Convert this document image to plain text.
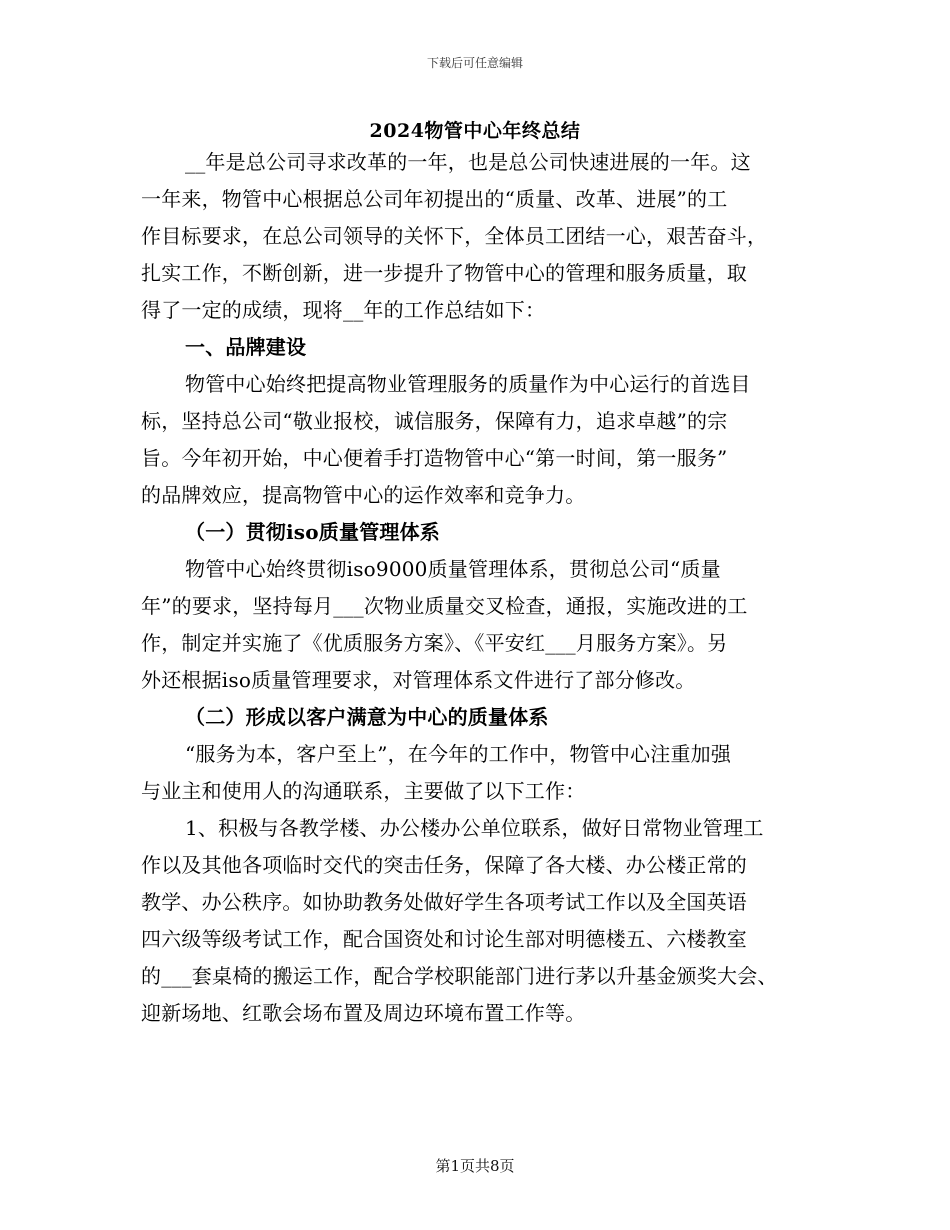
下载后可任意编辑
2024物管中心年终总结
__年是总公司寻求改革的一年，也是总公司快速进展的一年。这
一年来，物管中心根据总公司年初提出的“质量、改革、进展”的工
作目标要求，在总公司领导的关怀下，全体员工团结一心，艰苦奋斗，
扎实工作，不断创新，进一步提升了物管中心的管理和服务质量，取
得了一定的成绩，现将__年的工作总结如下：
一、品牌建设
物管中心始终把提高物业管理服务的质量作为中心运行的首选目
标，坚持总公司“敬业报校，诚信服务，保障有力，追求卓越”的宗
旨。今年初开始，中心便着手打造物管中心“第一时间，第一服务”
的品牌效应，提高物管中心的运作效率和竞争力。
（一）贯彻iso质量管理体系
物管中心始终贯彻iso9000质量管理体系，贯彻总公司“质量
年”的要求，坚持每月___次物业质量交叉检查，通报，实施改进的工
作，制定并实施了《优质服务方案》、《平安红___月服务方案》。另
外还根据iso质量管理要求，对管理体系文件进行了部分修改。
（二）形成以客户满意为中心的质量体系
“服务为本，客户至上”，在今年的工作中，物管中心注重加强
与业主和使用人的沟通联系，主要做了以下工作：
1、积极与各教学楼、办公楼办公单位联系，做好日常物业管理工
作以及其他各项临时交代的突击任务，保障了各大楼、办公楼正常的
教学、办公秩序。如协助教务处做好学生各项考试工作以及全国英语
四六级等级考试工作，配合国资处和讨论生部对明德楼五、六楼教室
的___套桌椅的搬运工作，配合学校职能部门进行茅以升基金颁奖大会、
迎新场地、红歌会场布置及周边环境布置工作等。
第1页共8页
